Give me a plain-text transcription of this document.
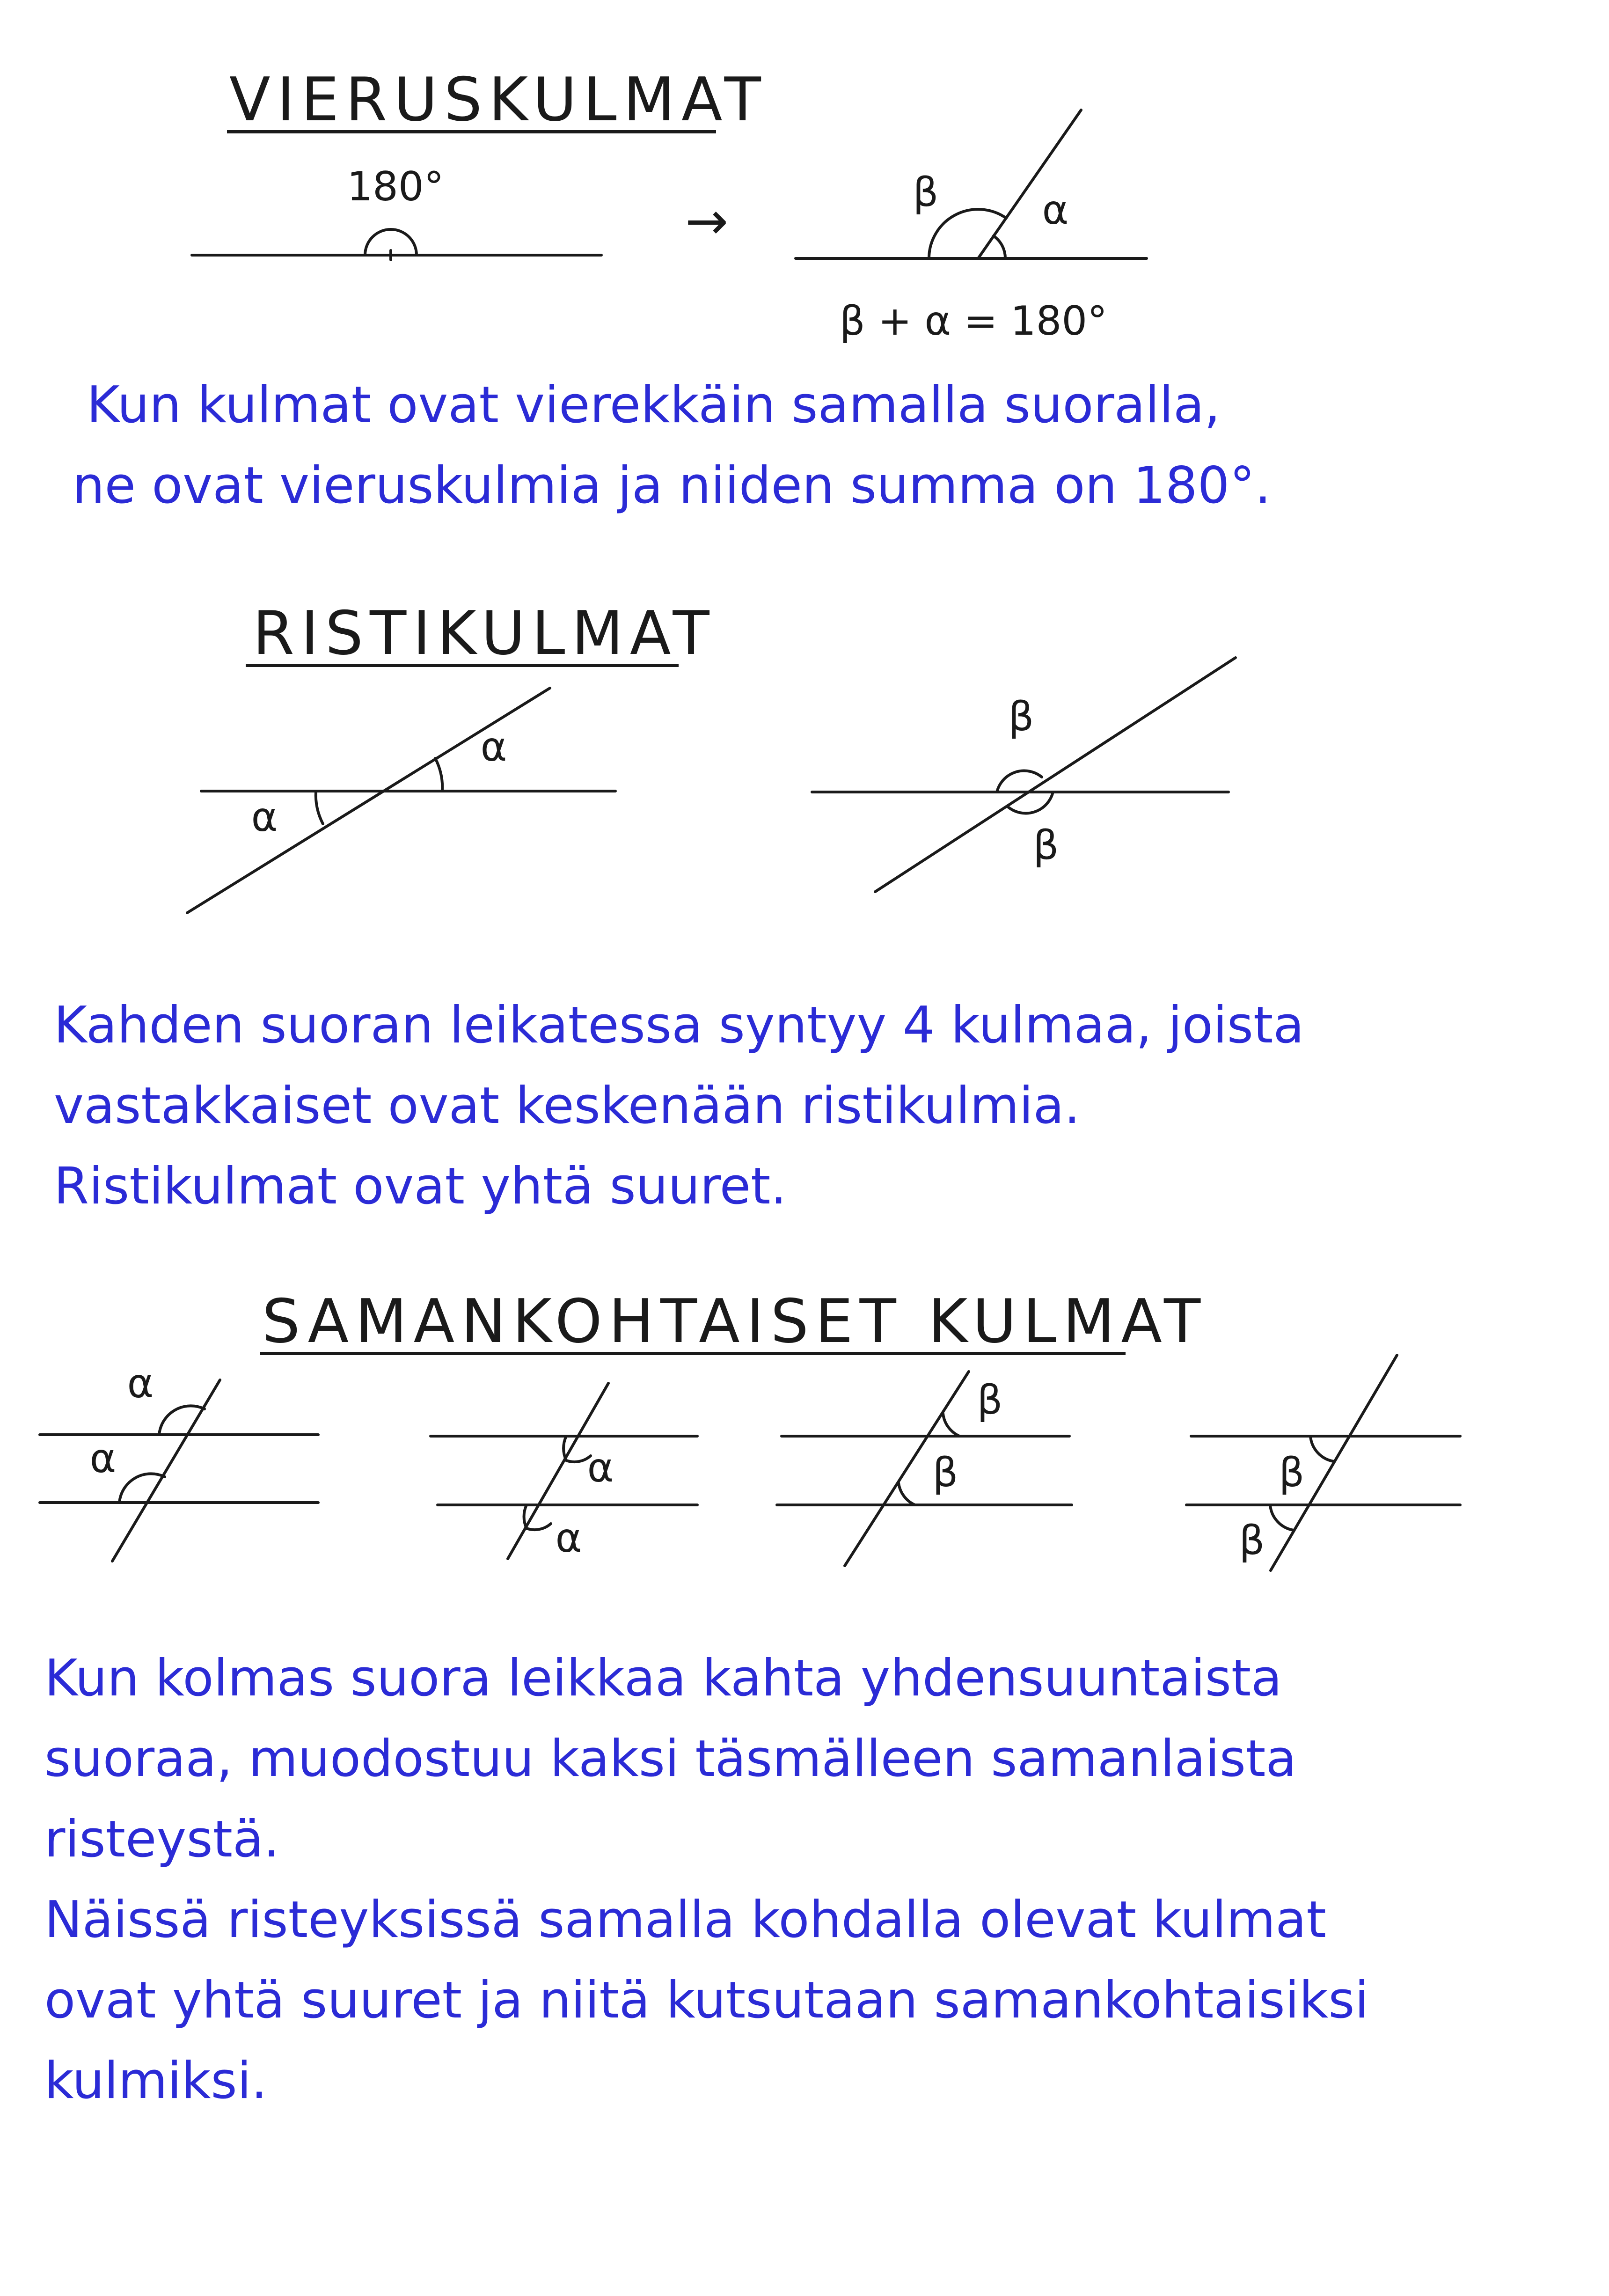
VIERUSKULMAT
RISTIKULMAT
SAMANKOHTAISET KULMAT
180°
→	β	α
β + α = 180°
α
α
β
β
α
α	α
α
β
β	β
β
Kun kulmat ovat vierekkäin samalla suoralla,
ne ovat vieruskulmia ja niiden summa on 180°.
Kahden suoran leikatessa syntyy 4 kulmaa, joista
vastakkaiset ovat keskenään ristikulmia.
Ristikulmat ovat yhtä suuret.
Kun kolmas suora leikkaa kahta yhdensuuntaista
suoraa, muodostuu kaksi täsmälleen samanlaista
risteystä.
Näissä risteyksissä samalla kohdalla olevat kulmat
ovat yhtä suuret ja niitä kutsutaan samankohtaisiksi
kulmiksi.
